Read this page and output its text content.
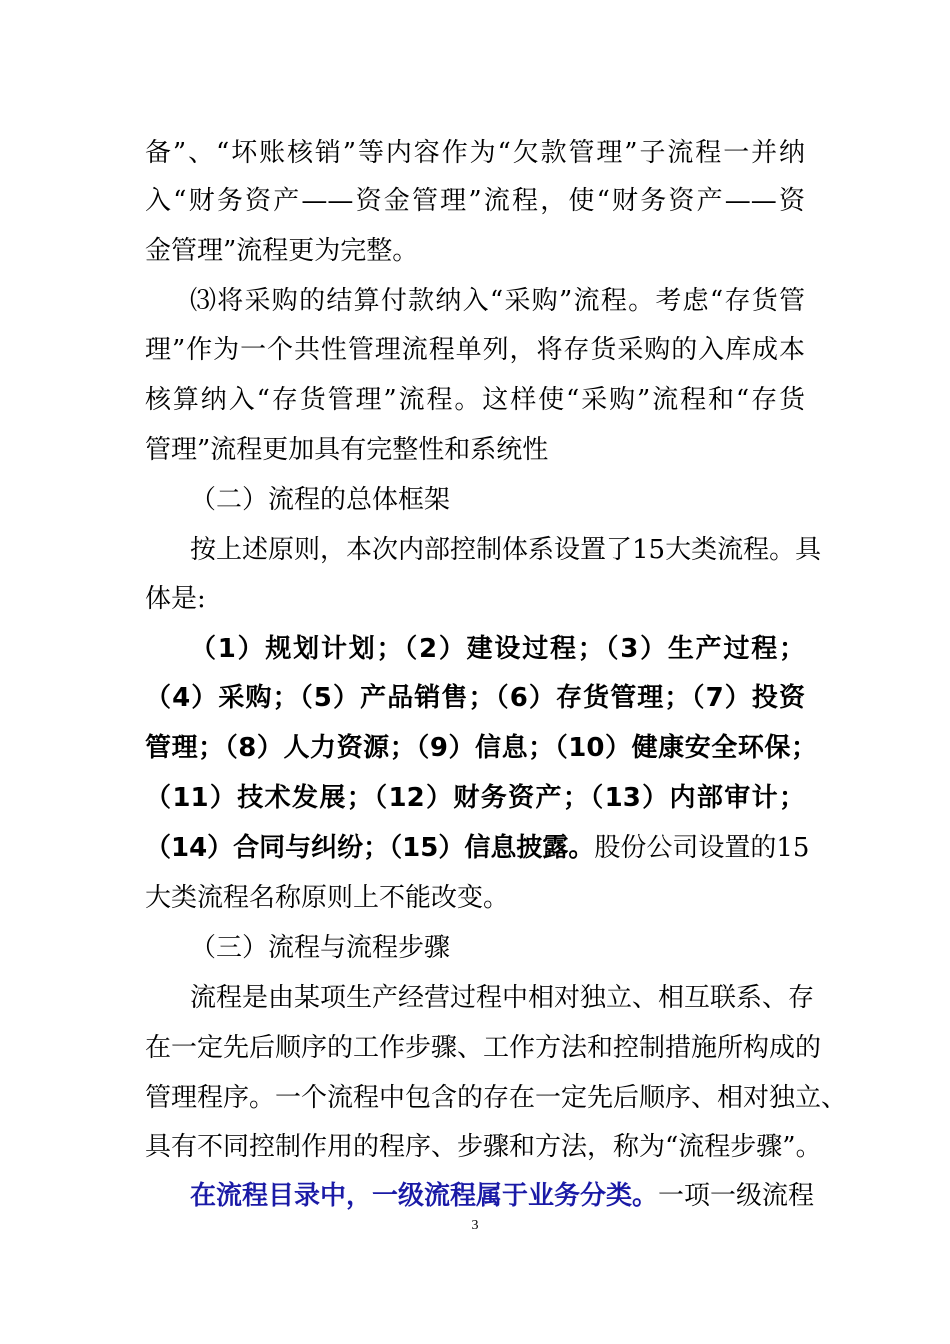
备”、“坏账核销”等内容作为“欠款管理”子流程一并纳
入“财务资产——资金管理”流程，使“财务资产——资
金管理”流程更为完整。
⑶将采购的结算付款纳入“采购”流程。考虑“存货管
理”作为一个共性管理流程单列，将存货采购的入库成本
核算纳入“存货管理”流程。这样使“采购”流程和“存货
管理”流程更加具有完整性和系统性
（二）流程的总体框架
按上述原则，本次内部控制体系设置了15大类流程。具
体是:
（1）规划计划；（2）建设过程；（3）生产过程；
（4）采购；（5）产品销售；（6）存货管理；（7）投资
管理；（8）人力资源；（9）信息；（10）健康安全环保；
（11）技术发展；（12）财务资产；（13）内部审计；
（14）合同与纠纷；（15）信息披露。股份公司设置的15
大类流程名称原则上不能改变。
（三）流程与流程步骤
流程是由某项生产经营过程中相对独立、相互联系、存
在一定先后顺序的工作步骤、工作方法和控制措施所构成的
管理程序。一个流程中包含的存在一定先后顺序、相对独立、
具有不同控制作用的程序、步骤和方法，称为“流程步骤”。
在流程目录中，一级流程属于业务分类。一项一级流程
3
